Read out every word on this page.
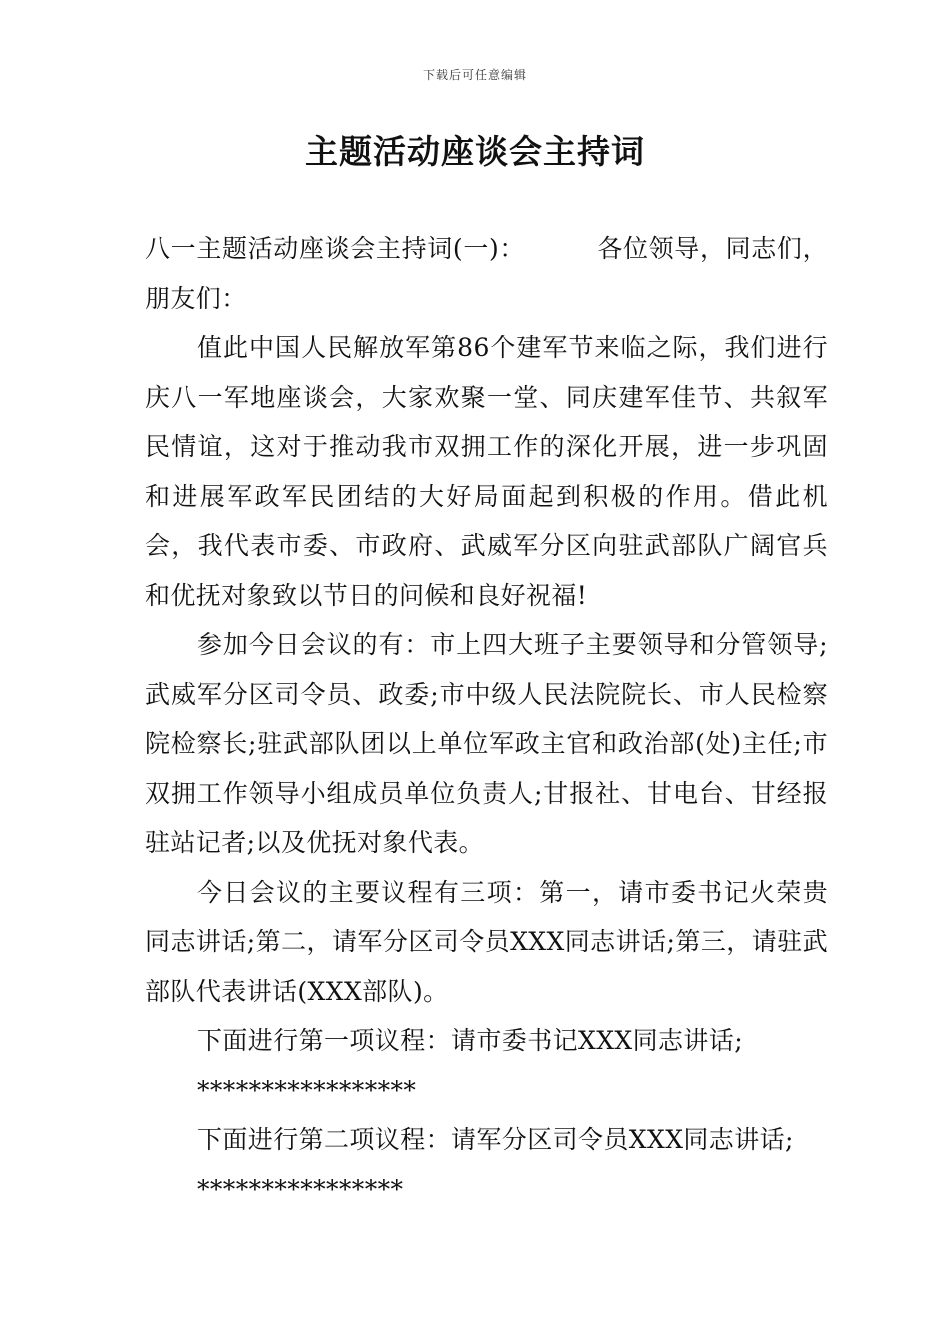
下载后可任意编辑
主题活动座谈会主持词

八一主题活动座谈会主持词(一)：	各位领导，同志们，朋友们：

值此中国人民解放军第86个建军节来临之际，我们进行庆八一军地座谈会，大家欢聚一堂、同庆建军佳节、共叙军民情谊，这对于推动我市双拥工作的深化开展，进一步巩固和进展军政军民团结的大好局面起到积极的作用。借此机会，我代表市委、市政府、武威军分区向驻武部队广阔官兵和优抚对象致以节日的问候和良好祝福!

参加今日会议的有：市上四大班子主要领导和分管领导;武威军分区司令员、政委;市中级人民法院院长、市人民检察院检察长;驻武部队团以上单位军政主官和政治部(处)主任;市双拥工作领导小组成员单位负责人;甘报社、甘电台、甘经报驻站记者;以及优抚对象代表。

今日会议的主要议程有三项：第一，请市委书记火荣贵同志讲话;第二，请军分区司令员XXX同志讲话;第三，请驻武部队代表讲话(XXX部队)。

下面进行第一项议程：请市委书记XXX同志讲话;

*****************

下面进行第二项议程：请军分区司令员XXX同志讲话;

****************
